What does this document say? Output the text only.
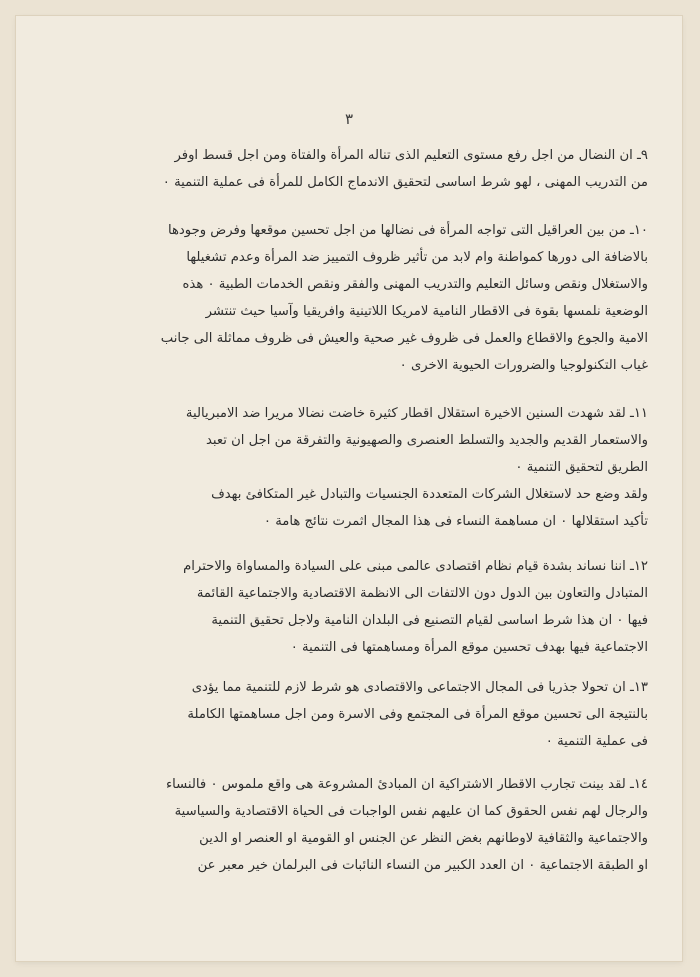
٣
٩ـ ان النضال من اجل رفع مستوى التعليم الذى تناله المرأة والفتاة ومن اجل قسط اوفر
من التدريب المهنى ، لهو شرط اساسى لتحقيق الاندماج الكامل للمرأة فى عملية التنمية ٠
١٠ـ من بين العراقيل التى تواجه المرأة فى نضالها من اجل تحسين موقعها وفرض وجودها
بالاضافة الى دورها كمواطنة وام لابد من تأثير ظروف التمييز ضد المرأة وعدم تشغيلها
والاستغلال ونقص وسائل التعليم والتدريب المهنى والفقر ونقص الخدمات الطبية ٠ هذه
الوضعية نلمسها بقوة فى الاقطار النامية لامريكا اللاتينية وافريقيا وآسيا حيث تنتشر
الامية والجوع والاقطاع والعمل فى ظروف غير صحية والعيش فى ظروف مماثلة الى جانب
غياب التكنولوجيا والضرورات الحيوية الاخرى ٠
١١ـ لقد شهدت السنين الاخيرة استقلال اقطار كثيرة خاضت نضالا مريرا ضد الامبريالية
والاستعمار القديم والجديد والتسلط العنصرى والصهيونية والتفرقة من اجل ان تعبد
الطريق لتحقيق التنمية ٠
ولقد وضع حد لاستغلال الشركات المتعددة الجنسيات والتبادل غير المتكافئ بهدف
تأكيد استقلالها ٠ ان مساهمة النساء فى هذا المجال اثمرت نتائج هامة ٠
١٢ـ اننا نساند بشدة قيام نظام اقتصادى عالمى مبنى على السيادة والمساواة والاحترام
المتبادل والتعاون بين الدول دون الالتفات الى الانظمة الاقتصادية والاجتماعية القائمة
فيها ٠ ان هذا شرط اساسى لقيام التصنيع فى البلدان النامية ولاجل تحقيق التنمية
الاجتماعية فيها بهدف تحسين موقع المرأة ومساهمتها فى التنمية ٠
١٣ـ ان تحولا جذريا فى المجال الاجتماعى والاقتصادى هو شرط لازم للتنمية مما يؤدى
بالنتيجة الى تحسين موقع المرأة فى المجتمع وفى الاسرة ومن اجل مساهمتها الكاملة
فى عملية التنمية ٠
١٤ـ لقد بينت تجارب الاقطار الاشتراكية ان المبادئ المشروعة هى واقع ملموس ٠ فالنساء
والرجال لهم نفس الحقوق كما ان عليهم نفس الواجبات فى الحياة الاقتصادية والسياسية
والاجتماعية والثقافية لاوطانهم بغض النظر عن الجنس او القومية او العنصر او الدين
او الطبقة الاجتماعية ٠ ان العدد الكبير من النساء النائبات فى البرلمان خير معبر عن
